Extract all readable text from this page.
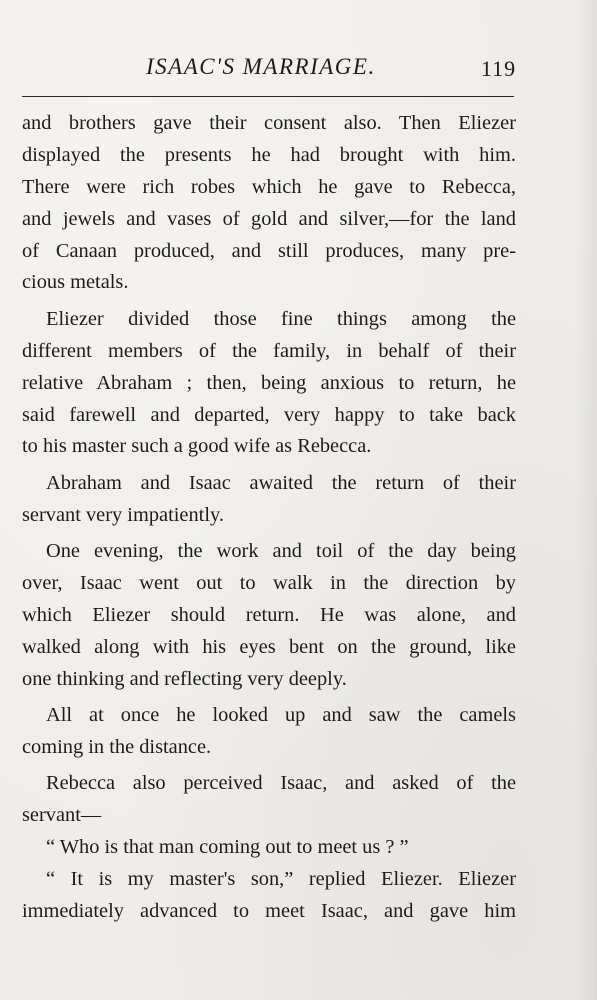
ISAAC'S MARRIAGE.	119
and brothers gave their consent also. Then Eliezer
displayed the presents he had brought with him.
There were rich robes which he gave to Rebecca,
and jewels and vases of gold and silver,—for the land
of Canaan produced, and still produces, many pre-
cious metals.
Eliezer divided those fine things among the
different members of the family, in behalf of their
relative Abraham ; then, being anxious to return, he
said farewell and departed, very happy to take back
to his master such a good wife as Rebecca.
Abraham and Isaac awaited the return of their
servant very impatiently.
One evening, the work and toil of the day being
over, Isaac went out to walk in the direction by
which Eliezer should return. He was alone, and
walked along with his eyes bent on the ground, like
one thinking and reflecting very deeply.
All at once he looked up and saw the camels
coming in the distance.
Rebecca also perceived Isaac, and asked of the
servant—
“ Who is that man coming out to meet us ? ”
“ It is my master's son,” replied Eliezer. Eliezer
immediately advanced to meet Isaac, and gave him
